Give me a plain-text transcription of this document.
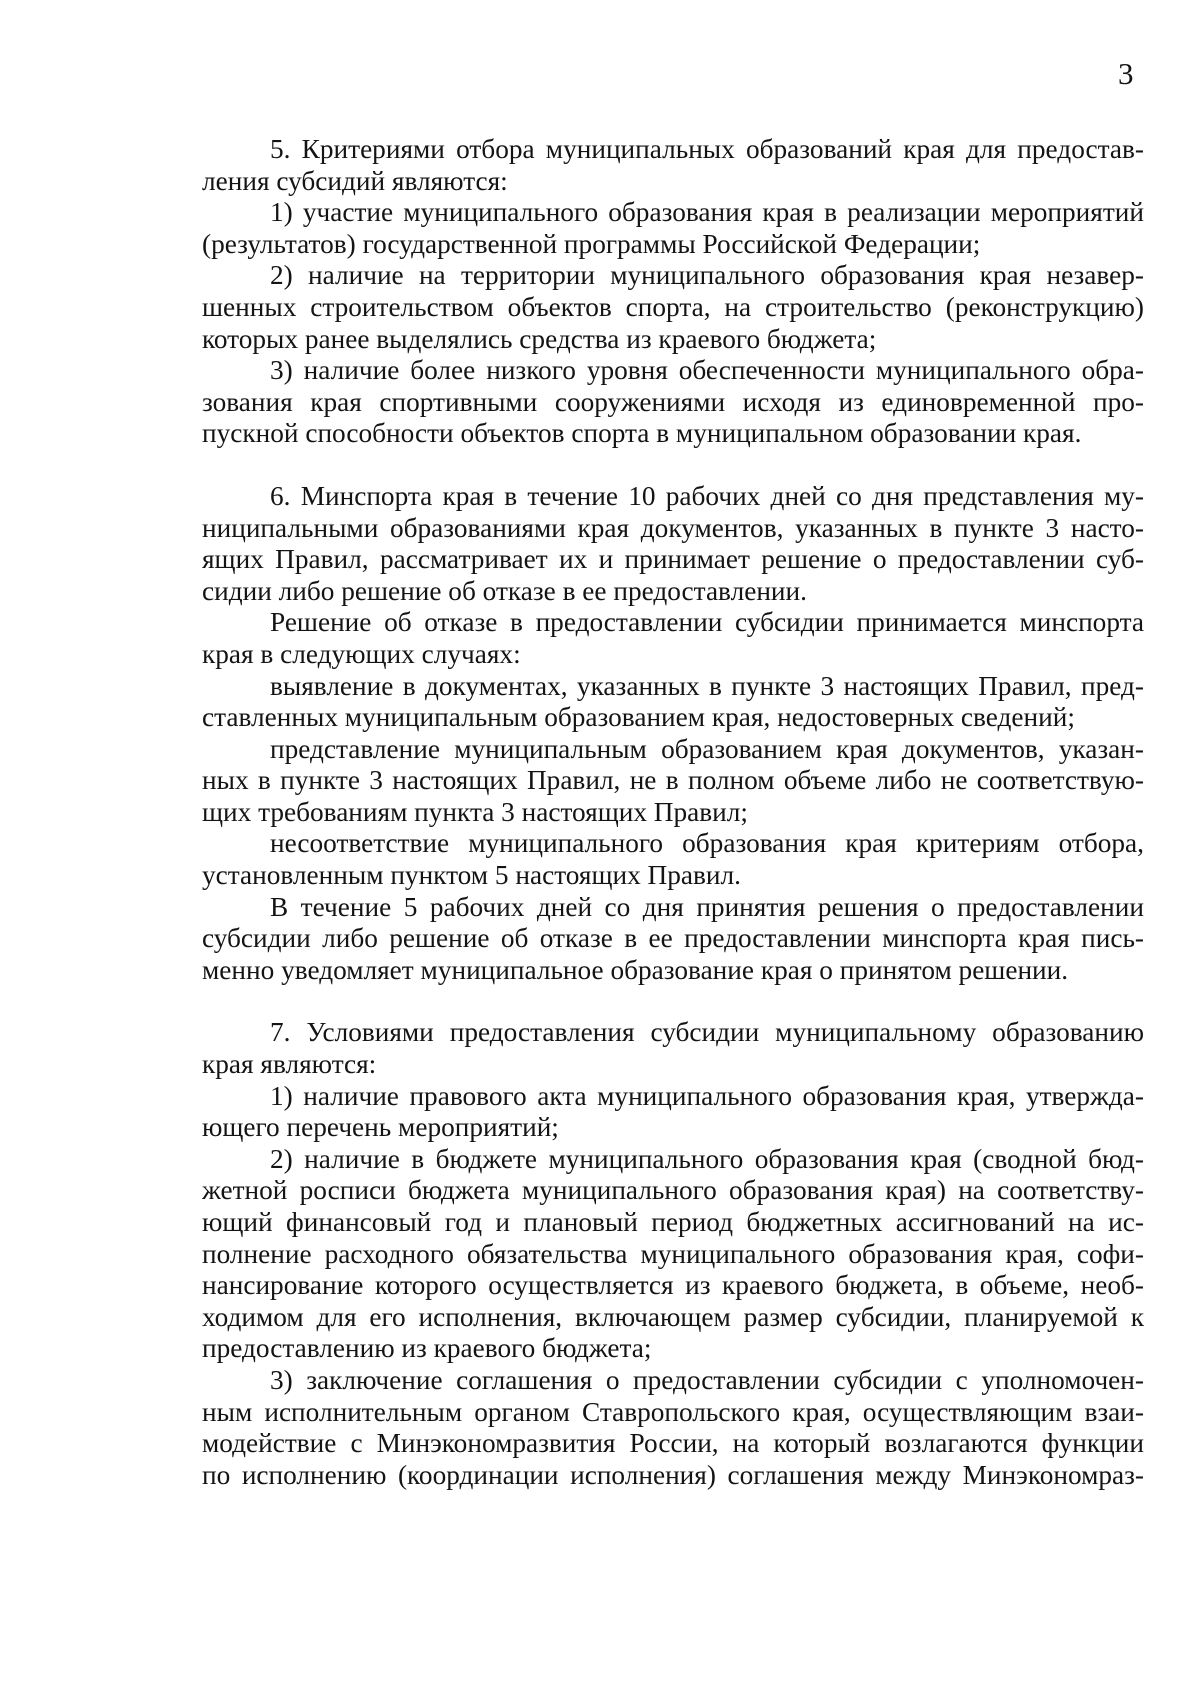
3
5. Критериями отбора муниципальных образований края для предостав-
ления субсидий являются:
1) участие муниципального образования края в реализации мероприятий
(результатов) государственной программы Российской Федерации;
2) наличие на территории муниципального образования края незавер-
шенных строительством объектов спорта, на строительство (реконструкцию)
которых ранее выделялись средства из краевого бюджета;
3) наличие более низкого уровня обеспеченности муниципального обра-
зования края спортивными сооружениями исходя из единовременной про-
пускной способности объектов спорта в муниципальном образовании края.
6. Минспорта края в течение 10 рабочих дней со дня представления му-
ниципальными образованиями края документов, указанных в пункте 3 насто-
ящих Правил, рассматривает их и принимает решение о предоставлении суб-
сидии либо решение об отказе в ее предоставлении.
Решение об отказе в предоставлении субсидии принимается минспорта
края в следующих случаях:
выявление в документах, указанных в пункте 3 настоящих Правил, пред-
ставленных муниципальным образованием края, недостоверных сведений;
представление муниципальным образованием края документов, указан-
ных в пункте 3 настоящих Правил, не в полном объеме либо не соответствую-
щих требованиям пункта 3 настоящих Правил;
несоответствие муниципального образования края критериям отбора,
установленным пунктом 5 настоящих Правил.
В течение 5 рабочих дней со дня принятия решения о предоставлении
субсидии либо решение об отказе в ее предоставлении минспорта края пись-
менно уведомляет муниципальное образование края о принятом решении.
7. Условиями предоставления субсидии муниципальному образованию
края являются:
1) наличие правового акта муниципального образования края, утвержда-
ющего перечень мероприятий;
2) наличие в бюджете муниципального образования края (сводной бюд-
жетной росписи бюджета муниципального образования края) на соответству-
ющий финансовый год и плановый период бюджетных ассигнований на ис-
полнение расходного обязательства муниципального образования края, софи-
нансирование которого осуществляется из краевого бюджета, в объеме, необ-
ходимом для его исполнения, включающем размер субсидии, планируемой к
предоставлению из краевого бюджета;
3) заключение соглашения о предоставлении субсидии с уполномочен-
ным исполнительным органом Ставропольского края, осуществляющим взаи-
модействие с Минэкономразвития России, на который возлагаются функции
по исполнению (координации исполнения) соглашения между Минэкономраз-
